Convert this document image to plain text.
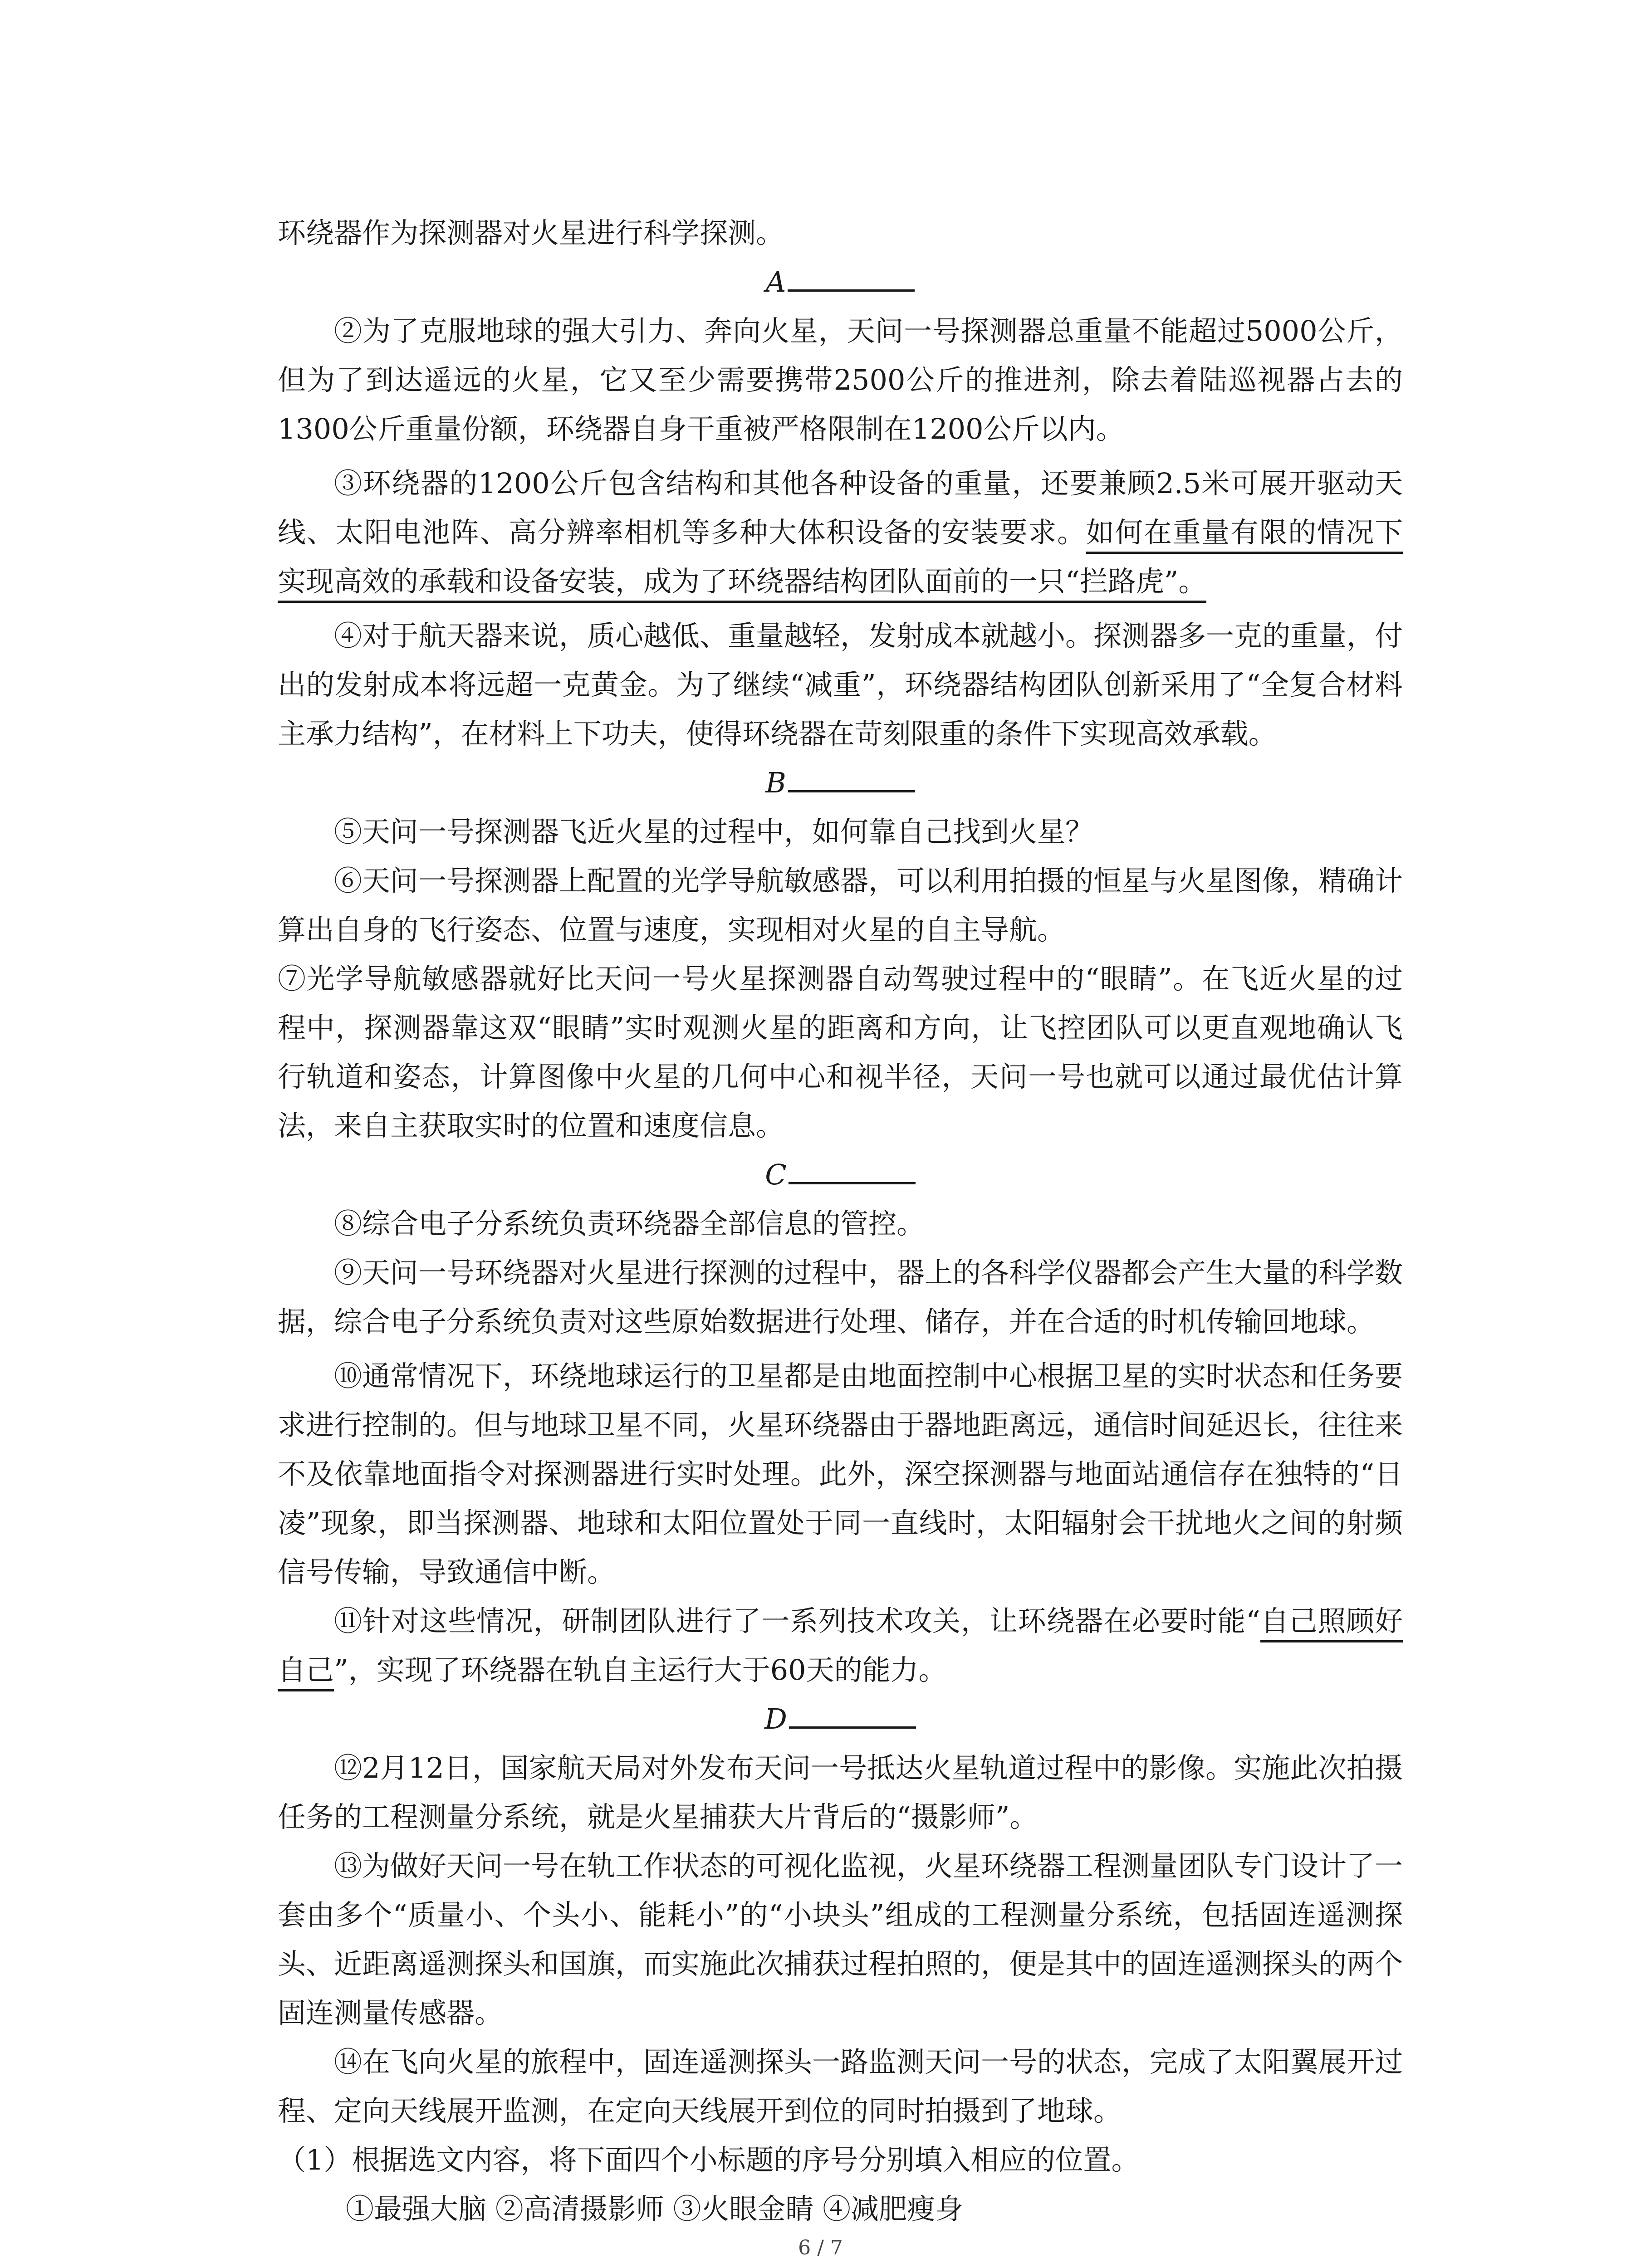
环绕器作为探测器对火星进行科学探测。

A

②为了克服地球的强大引力、奔向火星，天问一号探测器总重量不能超过5000公斤，但为了到达遥远的火星，它又至少需要携带2500公斤的推进剂，除去着陆巡视器占去的1300公斤重量份额，环绕器自身干重被严格限制在1200公斤以内。

③环绕器的1200公斤包含结构和其他各种设备的重量，还要兼顾2.5米可展开驱动天线、太阳电池阵、高分辨率相机等多种大体积设备的安装要求。如何在重量有限的情况下实现高效的承载和设备安装，成为了环绕器结构团队面前的一只“拦路虎”。

④对于航天器来说，质心越低、重量越轻，发射成本就越小。探测器多一克的重量，付出的发射成本将远超一克黄金。为了继续“减重”，环绕器结构团队创新采用了“全复合材料主承力结构”，在材料上下功夫，使得环绕器在苛刻限重的条件下实现高效承载。

B

⑤天问一号探测器飞近火星的过程中，如何靠自己找到火星？

⑥天问一号探测器上配置的光学导航敏感器，可以利用拍摄的恒星与火星图像，精确计算出自身的飞行姿态、位置与速度，实现相对火星的自主导航。

⑦光学导航敏感器就好比天问一号火星探测器自动驾驶过程中的“眼睛”。在飞近火星的过程中，探测器靠这双“眼睛”实时观测火星的距离和方向，让飞控团队可以更直观地确认飞行轨道和姿态，计算图像中火星的几何中心和视半径，天问一号也就可以通过最优估计算法，来自主获取实时的位置和速度信息。

C

⑧综合电子分系统负责环绕器全部信息的管控。

⑨天问一号环绕器对火星进行探测的过程中，器上的各科学仪器都会产生大量的科学数据，综合电子分系统负责对这些原始数据进行处理、储存，并在合适的时机传输回地球。

⑩通常情况下，环绕地球运行的卫星都是由地面控制中心根据卫星的实时状态和任务要求进行控制的。但与地球卫星不同，火星环绕器由于器地距离远，通信时间延迟长，往往来不及依靠地面指令对探测器进行实时处理。此外，深空探测器与地面站通信存在独特的“日凌”现象，即当探测器、地球和太阳位置处于同一直线时，太阳辐射会干扰地火之间的射频信号传输，导致通信中断。

⑪针对这些情况，研制团队进行了一系列技术攻关，让环绕器在必要时能“自己照顾好自己”，实现了环绕器在轨自主运行大于60天的能力。

D

⑫2月12日，国家航天局对外发布天问一号抵达火星轨道过程中的影像。实施此次拍摄任务的工程测量分系统，就是火星捕获大片背后的“摄影师”。

⑬为做好天问一号在轨工作状态的可视化监视，火星环绕器工程测量团队专门设计了一套由多个“质量小、个头小、能耗小”的“小块头”组成的工程测量分系统，包括固连遥测探头、近距离遥测探头和国旗，而实施此次捕获过程拍照的，便是其中的固连遥测探头的两个固连测量传感器。

⑭在飞向火星的旅程中，固连遥测探头一路监测天问一号的状态，完成了太阳翼展开过程、定向天线展开监测，在定向天线展开到位的同时拍摄到了地球。

（1）根据选文内容，将下面四个小标题的序号分别填入相应的位置。

①最强大脑 ②高清摄影师 ③火眼金睛 ④减肥瘦身

6 / 7
